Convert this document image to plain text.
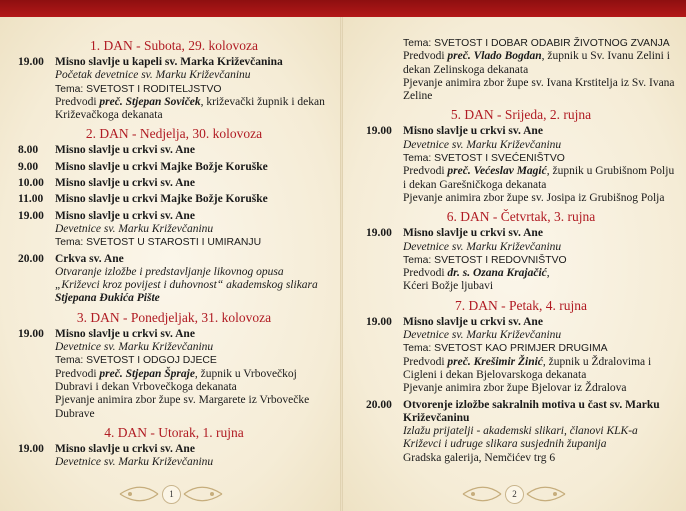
1. DAN - Subota, 29. kolovoza
19.00 Misno slavlje u kapeli sv. Marka Križevčanina
Početak devetnice sv. Marku Križevčaninu
Tema: SVETOST I RODITELJSTVO
Predvodi preč. Stjepan Soviček, križevački župnik i dekan Križevačkoga dekanata
2. DAN - Nedjelja, 30. kolovoza
8.00 Misno slavlje u crkvi sv. Ane
9.00 Misno slavlje u crkvi Majke Božje Koruške
10.00 Misno slavlje u crkvi sv. Ane
11.00 Misno slavlje u crkvi Majke Božje Koruške
19.00 Misno slavlje u crkvi sv. Ane
Devetnice sv. Marku Križevčaninu
Tema: SVETOST U STAROSTI I UMIRANJU
20.00 Crkva sv. Ane
Otvaranje izložbe i predstavljanje likovnog opusa „Križevci kroz povijest i duhovnost“ akademskog slikara Stjepana Đukića Pište
3. DAN - Ponedjeljak, 31. kolovoza
19.00 Misno slavlje u crkvi sv. Ane
Devetnice sv. Marku Križevčaninu
Tema: SVETOST I ODGOJ DJECE
Predvodi preč. Stjepan Špraje, župnik u Vrbovečkoj Dubravi i dekan Vrbovečkoga dekanata
Pjevanje animira zbor župe sv. Margarete iz Vrbovečke Dubrave
4. DAN - Utorak, 1. rujna
19.00 Misno slavlje u crkvi sv. Ane
Devetnice sv. Marku Križevčaninu
Tema: SVETOST I DOBAR ODABIR ŽIVOTNOG ZVANJA
Predvodi preč. Vlado Bogdan, župnik u Sv. Ivanu Zelini i dekan Zelinskoga dekanata
Pjevanje animira zbor župe sv. Ivana Krstitelja iz Sv. Ivana Zeline
5. DAN - Srijeda, 2. rujna
19.00 Misno slavlje u crkvi sv. Ane
Devetnice sv. Marku Križevčaninu
Tema: SVETOST I SVEĆENIŠTVO
Predvodi preč. Većeslav Magić, župnik u Grubišnom Polju i dekan Garešničkoga dekanata
Pjevanje animira zbor župe sv. Josipa iz Grubišnog Polja
6. DAN - Četvrtak, 3. rujna
19.00 Misno slavlje u crkvi sv. Ane
Devetnice sv. Marku Križevčaninu
Tema: SVETOST I REDOVNIŠTVO
Predvodi dr. s. Ozana Krajačić,
Kćeri Božje ljubavi
7. DAN - Petak, 4. rujna
19.00 Misno slavlje u crkvi sv. Ane
Devetnice sv. Marku Križevčaninu
Tema: SVETOST KAO PRIMJER DRUGIMA
Predvodi preč. Krešimir Žinić, župnik u Ždralovima i Cigleni i dekan Bjelovarskoga dekanata
Pjevanje animira zbor župe Bjelovar iz Ždralova
20.00 Otvorenje izložbe sakralnih motiva u čast sv. Marku Križevčaninu
Izlažu prijatelji - akademski slikari, članovi KLK-a Križevci i udruge slikara susjednih županija
Gradska galerija, Nemčićev trg 6
1	2
